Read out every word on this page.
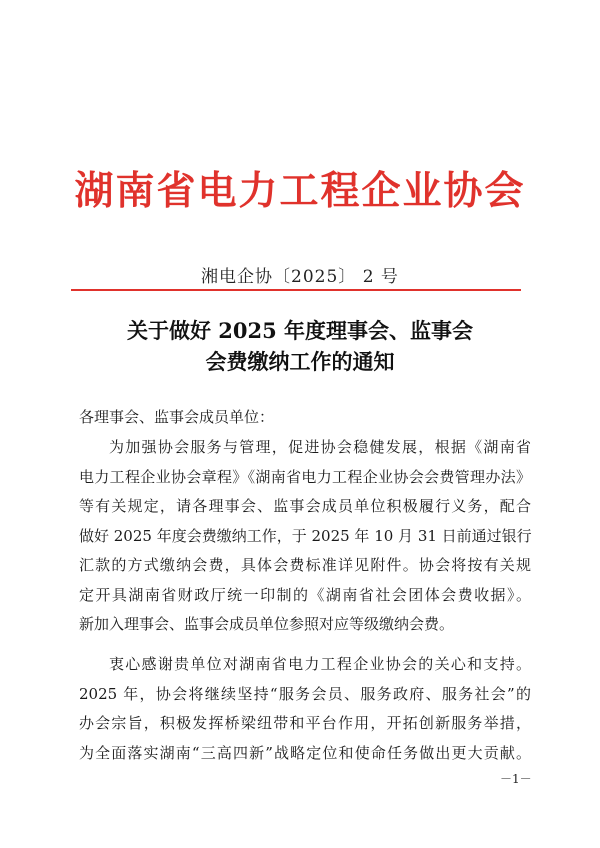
湖南省电力工程企业协会
湘电企协〔2025〕 2 号
关于做好 2025 年度理事会、监事会
会费缴纳工作的通知
各理事会、监事会成员单位：
为加强协会服务与管理，促进协会稳健发展，根据《湖南省
电力工程企业协会章程》《湖南省电力工程企业协会会费管理办法》
等有关规定，请各理事会、监事会成员单位积极履行义务，配合
做好 2025 年度会费缴纳工作，于 2025 年 10 月 31 日前通过银行
汇款的方式缴纳会费，具体会费标准详见附件。协会将按有关规
定开具湖南省财政厅统一印制的《湖南省社会团体会费收据》。
新加入理事会、监事会成员单位参照对应等级缴纳会费。
衷心感谢贵单位对湖南省电力工程企业协会的关心和支持。
2025 年，协会将继续坚持“服务会员、服务政府、服务社会”的
办会宗旨，积极发挥桥梁纽带和平台作用，开拓创新服务举措，
为全面落实湖南“三高四新”战略定位和使命任务做出更大贡献。
－1－
